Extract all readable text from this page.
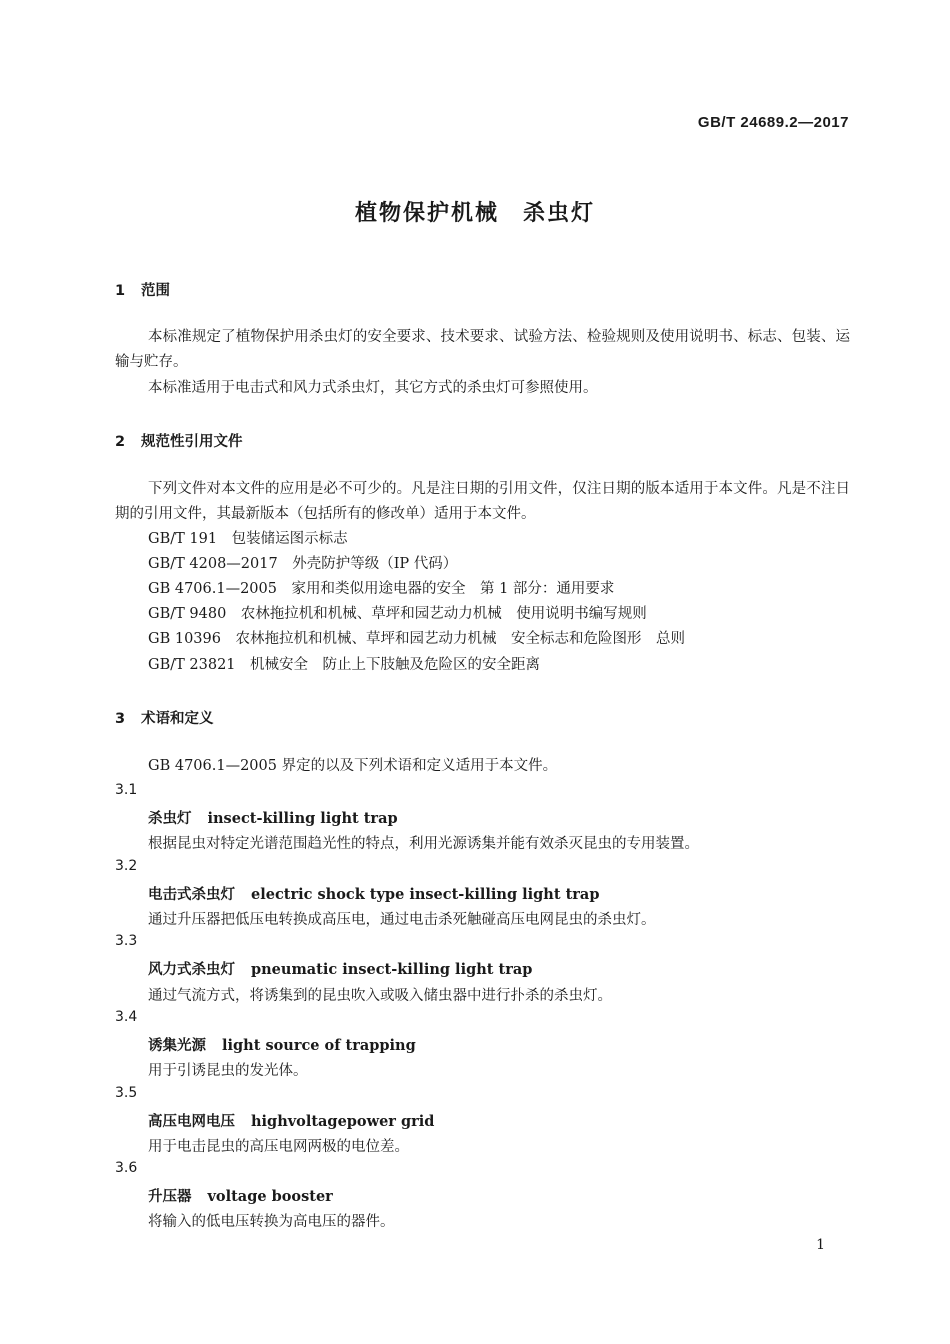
GB/T 24689.2—2017
植物保护机械　杀虫灯
1 范围
本标准规定了植物保护用杀虫灯的安全要求、技术要求、试验方法、检验规则及使用说明书、标志、包装、运输与贮存。
本标准适用于电击式和风力式杀虫灯，其它方式的杀虫灯可参照使用。
2 规范性引用文件
下列文件对本文件的应用是必不可少的。凡是注日期的引用文件，仅注日期的版本适用于本文件。凡是不注日期的引用文件，其最新版本（包括所有的修改单）适用于本文件。
GB/T 191　包装储运图示标志
GB/T 4208—2017　外壳防护等级（IP 代码）
GB 4706.1—2005　家用和类似用途电器的安全　第 1 部分：通用要求
GB/T 9480　农林拖拉机和机械、草坪和园艺动力机械　使用说明书编写规则
GB 10396　农林拖拉机和机械、草坪和园艺动力机械　安全标志和危险图形　总则
GB/T 23821　机械安全　防止上下肢触及危险区的安全距离
3 术语和定义
GB 4706.1—2005 界定的以及下列术语和定义适用于本文件。
3.1
杀虫灯 insect-killing light trap
根据昆虫对特定光谱范围趋光性的特点，利用光源诱集并能有效杀灭昆虫的专用装置。
3.2
电击式杀虫灯 electric shock type insect-killing light trap
通过升压器把低压电转换成高压电，通过电击杀死触碰高压电网昆虫的杀虫灯。
3.3
风力式杀虫灯 pneumatic insect-killing light trap
通过气流方式，将诱集到的昆虫吹入或吸入储虫器中进行扑杀的杀虫灯。
3.4
诱集光源 light source of trapping
用于引诱昆虫的发光体。
3.5
高压电网电压 highvoltagepower grid
用于电击昆虫的高压电网两极的电位差。
3.6
升压器 voltage booster
将输入的低电压转换为高电压的器件。
1
